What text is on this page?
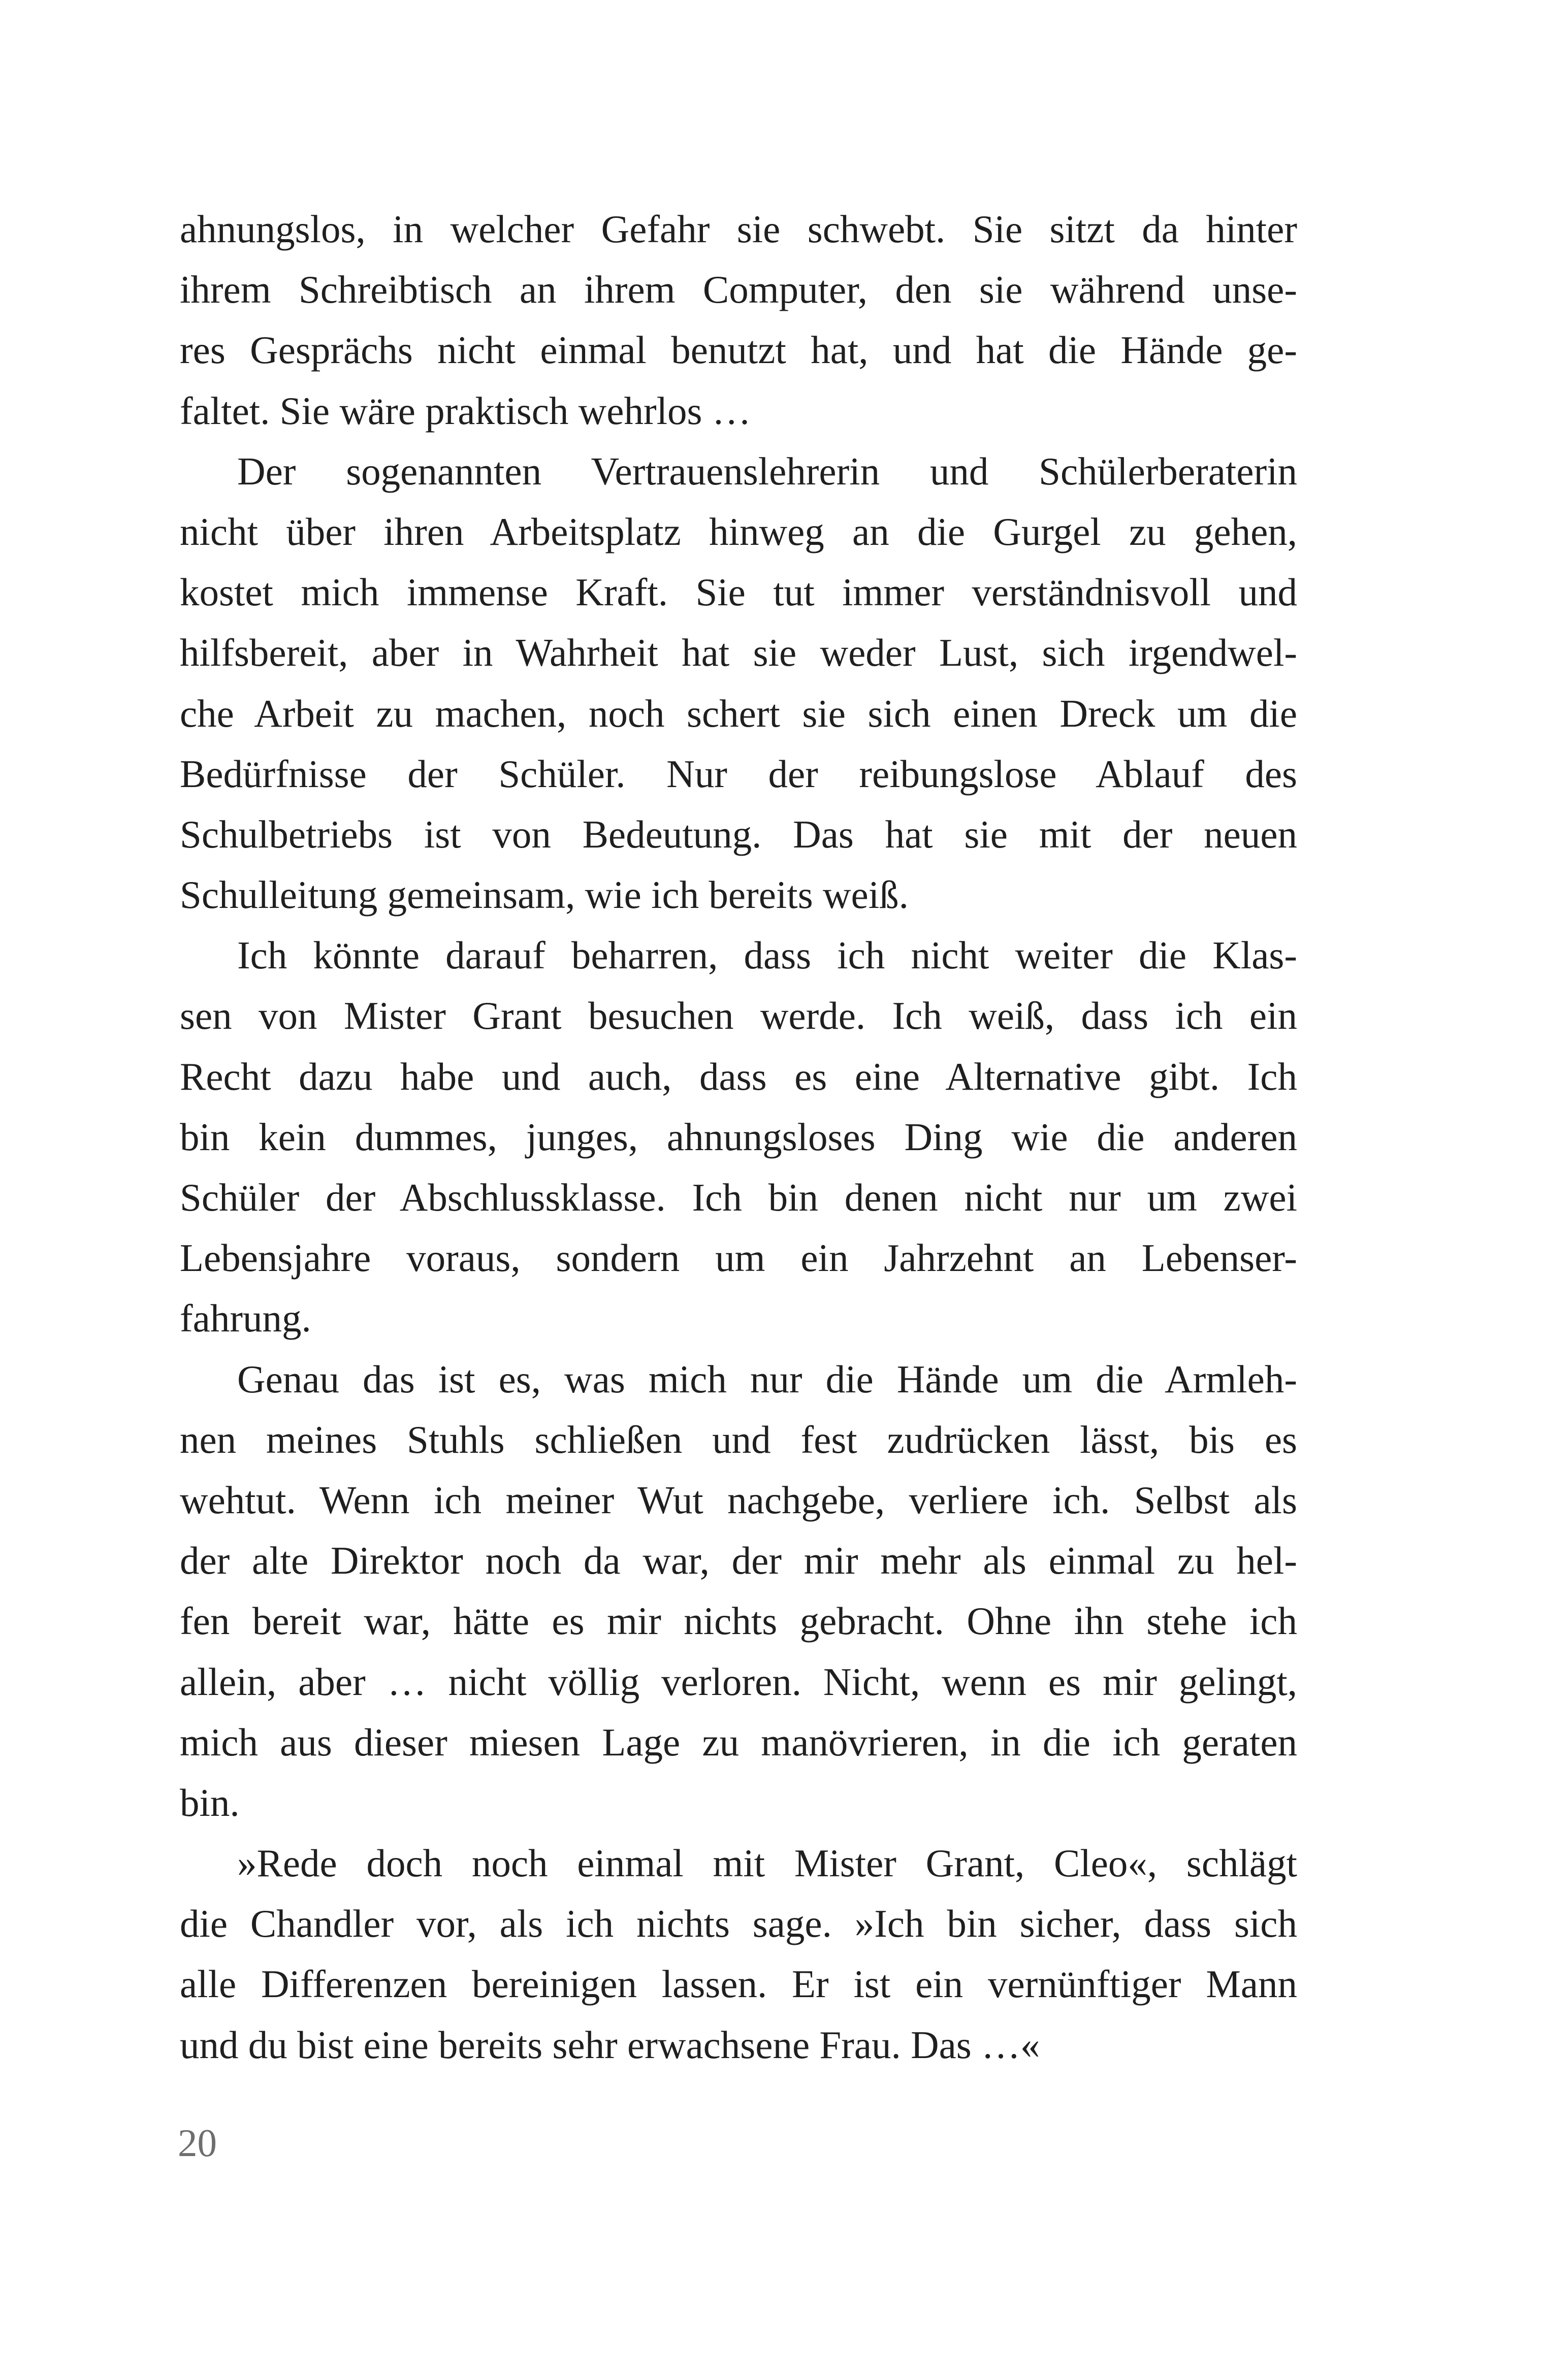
ahnungslos, in welcher Gefahr sie schwebt. Sie sitzt da hinter
ihrem Schreibtisch an ihrem Computer, den sie während unse-
res Gesprächs nicht einmal benutzt hat, und hat die Hände ge-
faltet. Sie wäre praktisch wehrlos …
Der sogenannten Vertrauenslehrerin und Schülerberaterin
nicht über ihren Arbeitsplatz hinweg an die Gurgel zu gehen,
kostet mich immense Kraft. Sie tut immer verständnisvoll und
hilfsbereit, aber in Wahrheit hat sie weder Lust, sich irgendwel-
che Arbeit zu machen, noch schert sie sich einen Dreck um die
Bedürfnisse der Schüler. Nur der reibungslose Ablauf des
Schulbetriebs ist von Bedeutung. Das hat sie mit der neuen
Schulleitung gemeinsam, wie ich bereits weiß.
Ich könnte darauf beharren, dass ich nicht weiter die Klas-
sen von Mister Grant besuchen werde. Ich weiß, dass ich ein
Recht dazu habe und auch, dass es eine Alternative gibt. Ich
bin kein dummes, junges, ahnungsloses Ding wie die anderen
Schüler der Abschlussklasse. Ich bin denen nicht nur um zwei
Lebensjahre voraus, sondern um ein Jahrzehnt an Lebenser-
fahrung.
Genau das ist es, was mich nur die Hände um die Armleh-
nen meines Stuhls schließen und fest zudrücken lässt, bis es
wehtut. Wenn ich meiner Wut nachgebe, verliere ich. Selbst als
der alte Direktor noch da war, der mir mehr als einmal zu hel-
fen bereit war, hätte es mir nichts gebracht. Ohne ihn stehe ich
allein, aber … nicht völlig verloren. Nicht, wenn es mir gelingt,
mich aus dieser miesen Lage zu manövrieren, in die ich geraten
bin.
»Rede doch noch einmal mit Mister Grant, Cleo«, schlägt
die Chandler vor, als ich nichts sage. »Ich bin sicher, dass sich
alle Differenzen bereinigen lassen. Er ist ein vernünftiger Mann
und du bist eine bereits sehr erwachsene Frau. Das …«

20
